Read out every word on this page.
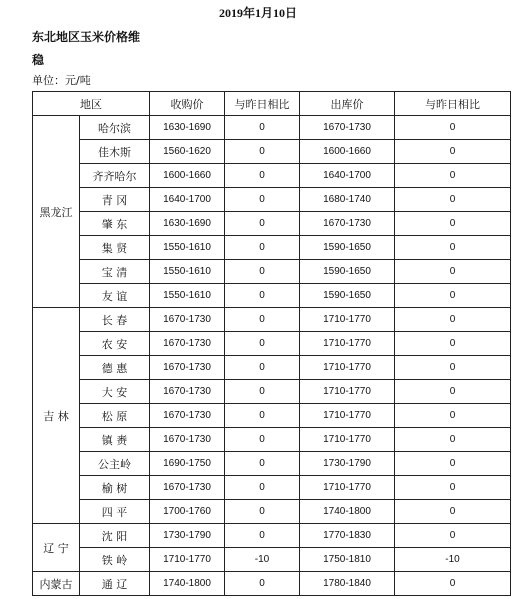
2019年1月10日
东北地区玉米价格维
稳
单位：元/吨
地区		收购价	与昨日相比	出库价	与昨日相比
黑龙江	哈尔滨	1630-1690	0	1670-1730	0
	佳木斯	1560-1620	0	1600-1660	0
	齐齐哈尔	1600-1660	0	1640-1700	0
	青 冈	1640-1700	0	1680-1740	0
	肇 东	1630-1690	0	1670-1730	0
	集 贤	1550-1610	0	1590-1650	0
	宝 清	1550-1610	0	1590-1650	0
	友 谊	1550-1610	0	1590-1650	0
吉 林	长 春	1670-1730	0	1710-1770	0
	农 安	1670-1730	0	1710-1770	0
	德 惠	1670-1730	0	1710-1770	0
	大 安	1670-1730	0	1710-1770	0
	松 原	1670-1730	0	1710-1770	0
	镇 赉	1670-1730	0	1710-1770	0
	公主岭	1690-1750	0	1730-1790	0
	榆 树	1670-1730	0	1710-1770	0
	四 平	1700-1760	0	1740-1800	0
辽 宁	沈 阳	1730-1790	0	1770-1830	0
	铁 岭	1710-1770	-10	1750-1810	-10
内蒙古	通 辽	1740-1800	0	1780-1840	0
